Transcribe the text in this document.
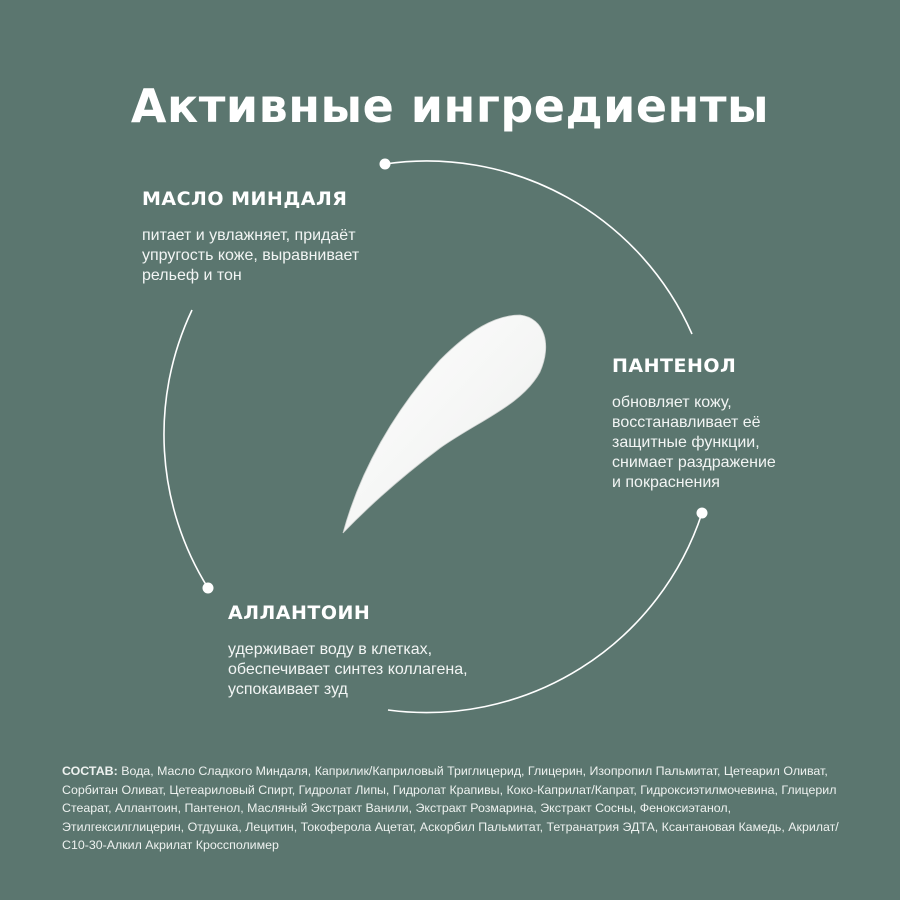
Активные ингредиенты
МАСЛО МИНДАЛЯ
питает и увлажняет, придаёт
упругость коже, выравнивает
рельеф и тон
ПАНТЕНОЛ
обновляет кожу,
восстанавливает её
защитные функции,
снимает раздражение
и покраснения
АЛЛАНТОИН
удерживает воду в клетках,
обеспечивает синтез коллагена,
успокаивает зуд
СОСТАВ: Вода, Масло Сладкого Миндаля, Каприлик/Каприловый Триглицерид, Глицерин, Изопропил Пальмитат, Цетеарил Оливат, Сорбитан Оливат, Цетеариловый Спирт, Гидролат Липы, Гидролат Крапивы, Коко-Каприлат/Капрат, Гидроксиэтилмочевина, Глицерил Стеарат, Аллантоин, Пантенол, Масляный Экстракт Ванили, Экстракт Розмарина, Экстракт Сосны, Феноксиэтанол, Этилгексилглицерин, Отдушка, Лецитин, Токоферола Ацетат, Аскорбил Пальмитат, Тетранатрия ЭДТА, Ксантановая Камедь, Акрилат/С10-30-Алкил Акрилат Кроссполимер
